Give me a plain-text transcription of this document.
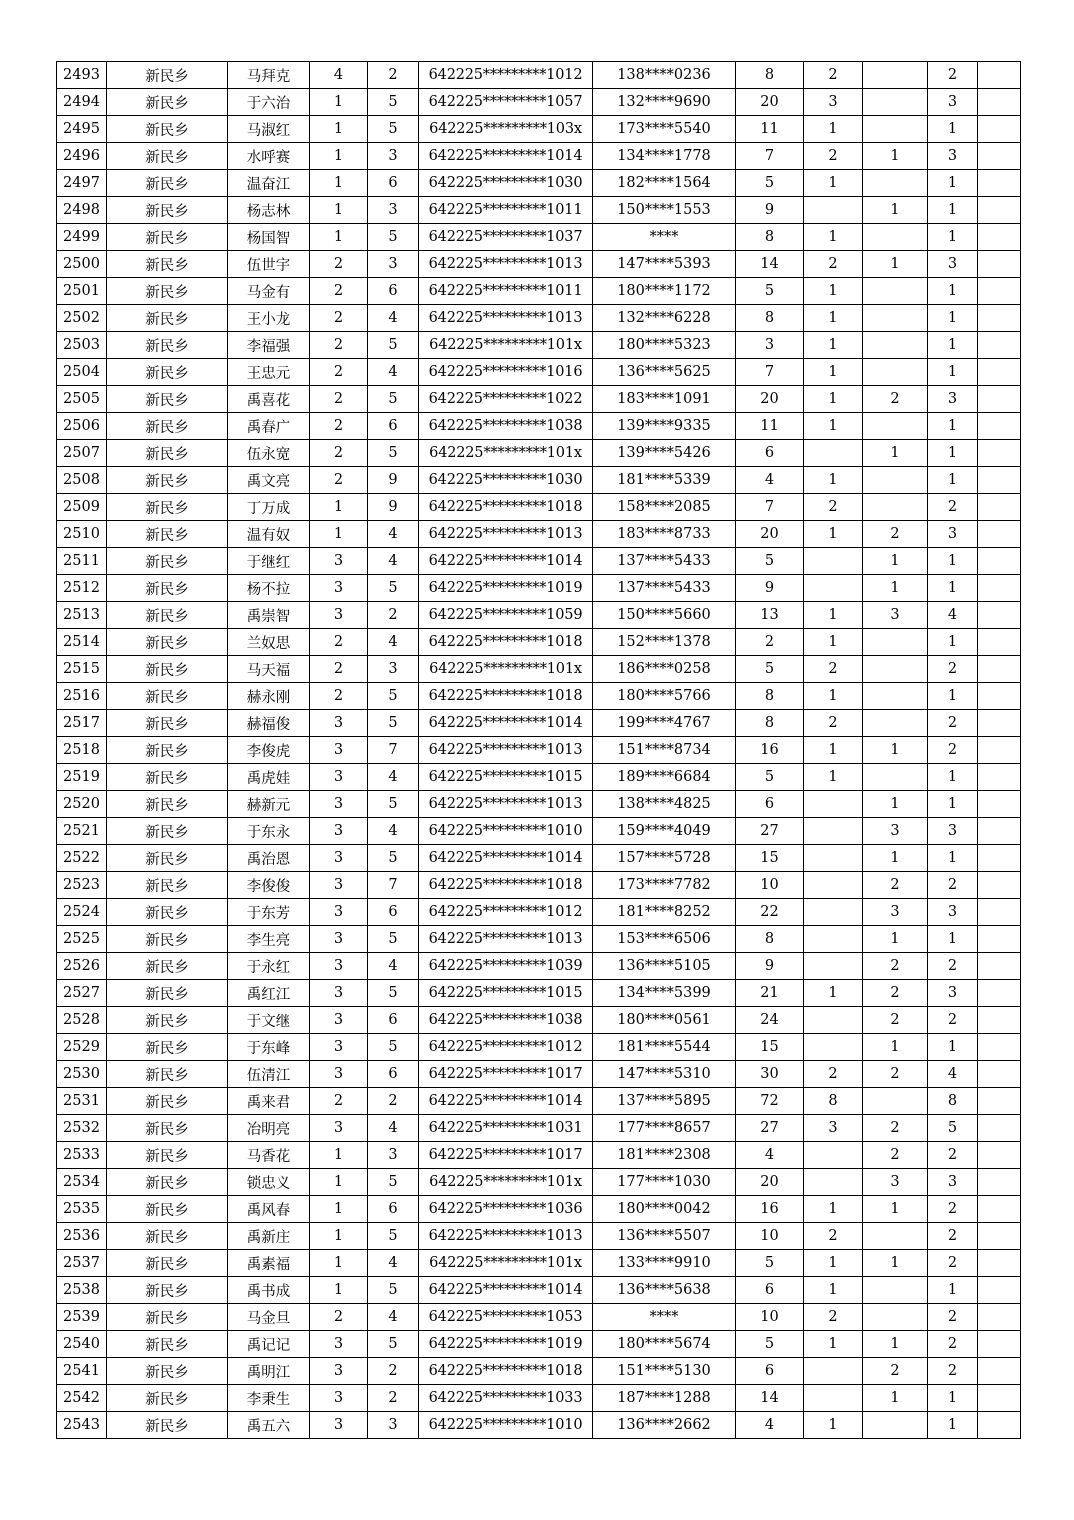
2493	新民乡	马拜克	4	2	642225*********1012	138****0236	8	2		2	
2494	新民乡	于六治	1	5	642225*********1057	132****9690	20	3		3	
2495	新民乡	马淑红	1	5	642225*********103x	173****5540	11	1		1	
2496	新民乡	水呼赛	1	3	642225*********1014	134****1778	7	2	1	3	
2497	新民乡	温奋江	1	6	642225*********1030	182****1564	5	1		1	
2498	新民乡	杨志林	1	3	642225*********1011	150****1553	9		1	1	
2499	新民乡	杨国智	1	5	642225*********1037	****	8	1		1	
2500	新民乡	伍世宇	2	3	642225*********1013	147****5393	14	2	1	3	
2501	新民乡	马金有	2	6	642225*********1011	180****1172	5	1		1	
2502	新民乡	王小龙	2	4	642225*********1013	132****6228	8	1		1	
2503	新民乡	李福强	2	5	642225*********101x	180****5323	3	1		1	
2504	新民乡	王忠元	2	4	642225*********1016	136****5625	7	1		1	
2505	新民乡	禹喜花	2	5	642225*********1022	183****1091	20	1	2	3	
2506	新民乡	禹春广	2	6	642225*********1038	139****9335	11	1		1	
2507	新民乡	伍永宽	2	5	642225*********101x	139****5426	6		1	1	
2508	新民乡	禹文亮	2	9	642225*********1030	181****5339	4	1		1	
2509	新民乡	丁万成	1	9	642225*********1018	158****2085	7	2		2	
2510	新民乡	温有奴	1	4	642225*********1013	183****8733	20	1	2	3	
2511	新民乡	于继红	3	4	642225*********1014	137****5433	5		1	1	
2512	新民乡	杨不拉	3	5	642225*********1019	137****5433	9		1	1	
2513	新民乡	禹崇智	3	2	642225*********1059	150****5660	13	1	3	4	
2514	新民乡	兰奴思	2	4	642225*********1018	152****1378	2	1		1	
2515	新民乡	马天福	2	3	642225*********101x	186****0258	5	2		2	
2516	新民乡	赫永刚	2	5	642225*********1018	180****5766	8	1		1	
2517	新民乡	赫福俊	3	5	642225*********1014	199****4767	8	2		2	
2518	新民乡	李俊虎	3	7	642225*********1013	151****8734	16	1	1	2	
2519	新民乡	禹虎娃	3	4	642225*********1015	189****6684	5	1		1	
2520	新民乡	赫新元	3	5	642225*********1013	138****4825	6		1	1	
2521	新民乡	于东永	3	4	642225*********1010	159****4049	27		3	3	
2522	新民乡	禹治恩	3	5	642225*********1014	157****5728	15		1	1	
2523	新民乡	李俊俊	3	7	642225*********1018	173****7782	10		2	2	
2524	新民乡	于东芳	3	6	642225*********1012	181****8252	22		3	3	
2525	新民乡	李生亮	3	5	642225*********1013	153****6506	8		1	1	
2526	新民乡	于永红	3	4	642225*********1039	136****5105	9		2	2	
2527	新民乡	禹红江	3	5	642225*********1015	134****5399	21	1	2	3	
2528	新民乡	于文继	3	6	642225*********1038	180****0561	24		2	2	
2529	新民乡	于东峰	3	5	642225*********1012	181****5544	15		1	1	
2530	新民乡	伍清江	3	6	642225*********1017	147****5310	30	2	2	4	
2531	新民乡	禹来君	2	2	642225*********1014	137****5895	72	8		8	
2532	新民乡	冶明亮	3	4	642225*********1031	177****8657	27	3	2	5	
2533	新民乡	马香花	1	3	642225*********1017	181****2308	4		2	2	
2534	新民乡	锁忠义	1	5	642225*********101x	177****1030	20		3	3	
2535	新民乡	禹风春	1	6	642225*********1036	180****0042	16	1	1	2	
2536	新民乡	禹新庄	1	5	642225*********1013	136****5507	10	2		2	
2537	新民乡	禹素福	1	4	642225*********101x	133****9910	5	1	1	2	
2538	新民乡	禹书成	1	5	642225*********1014	136****5638	6	1		1	
2539	新民乡	马金旦	2	4	642225*********1053	****	10	2		2	
2540	新民乡	禹记记	3	5	642225*********1019	180****5674	5	1	1	2	
2541	新民乡	禹明江	3	2	642225*********1018	151****5130	6		2	2	
2542	新民乡	李秉生	3	2	642225*********1033	187****1288	14		1	1	
2543	新民乡	禹五六	3	3	642225*********1010	136****2662	4	1		1	
